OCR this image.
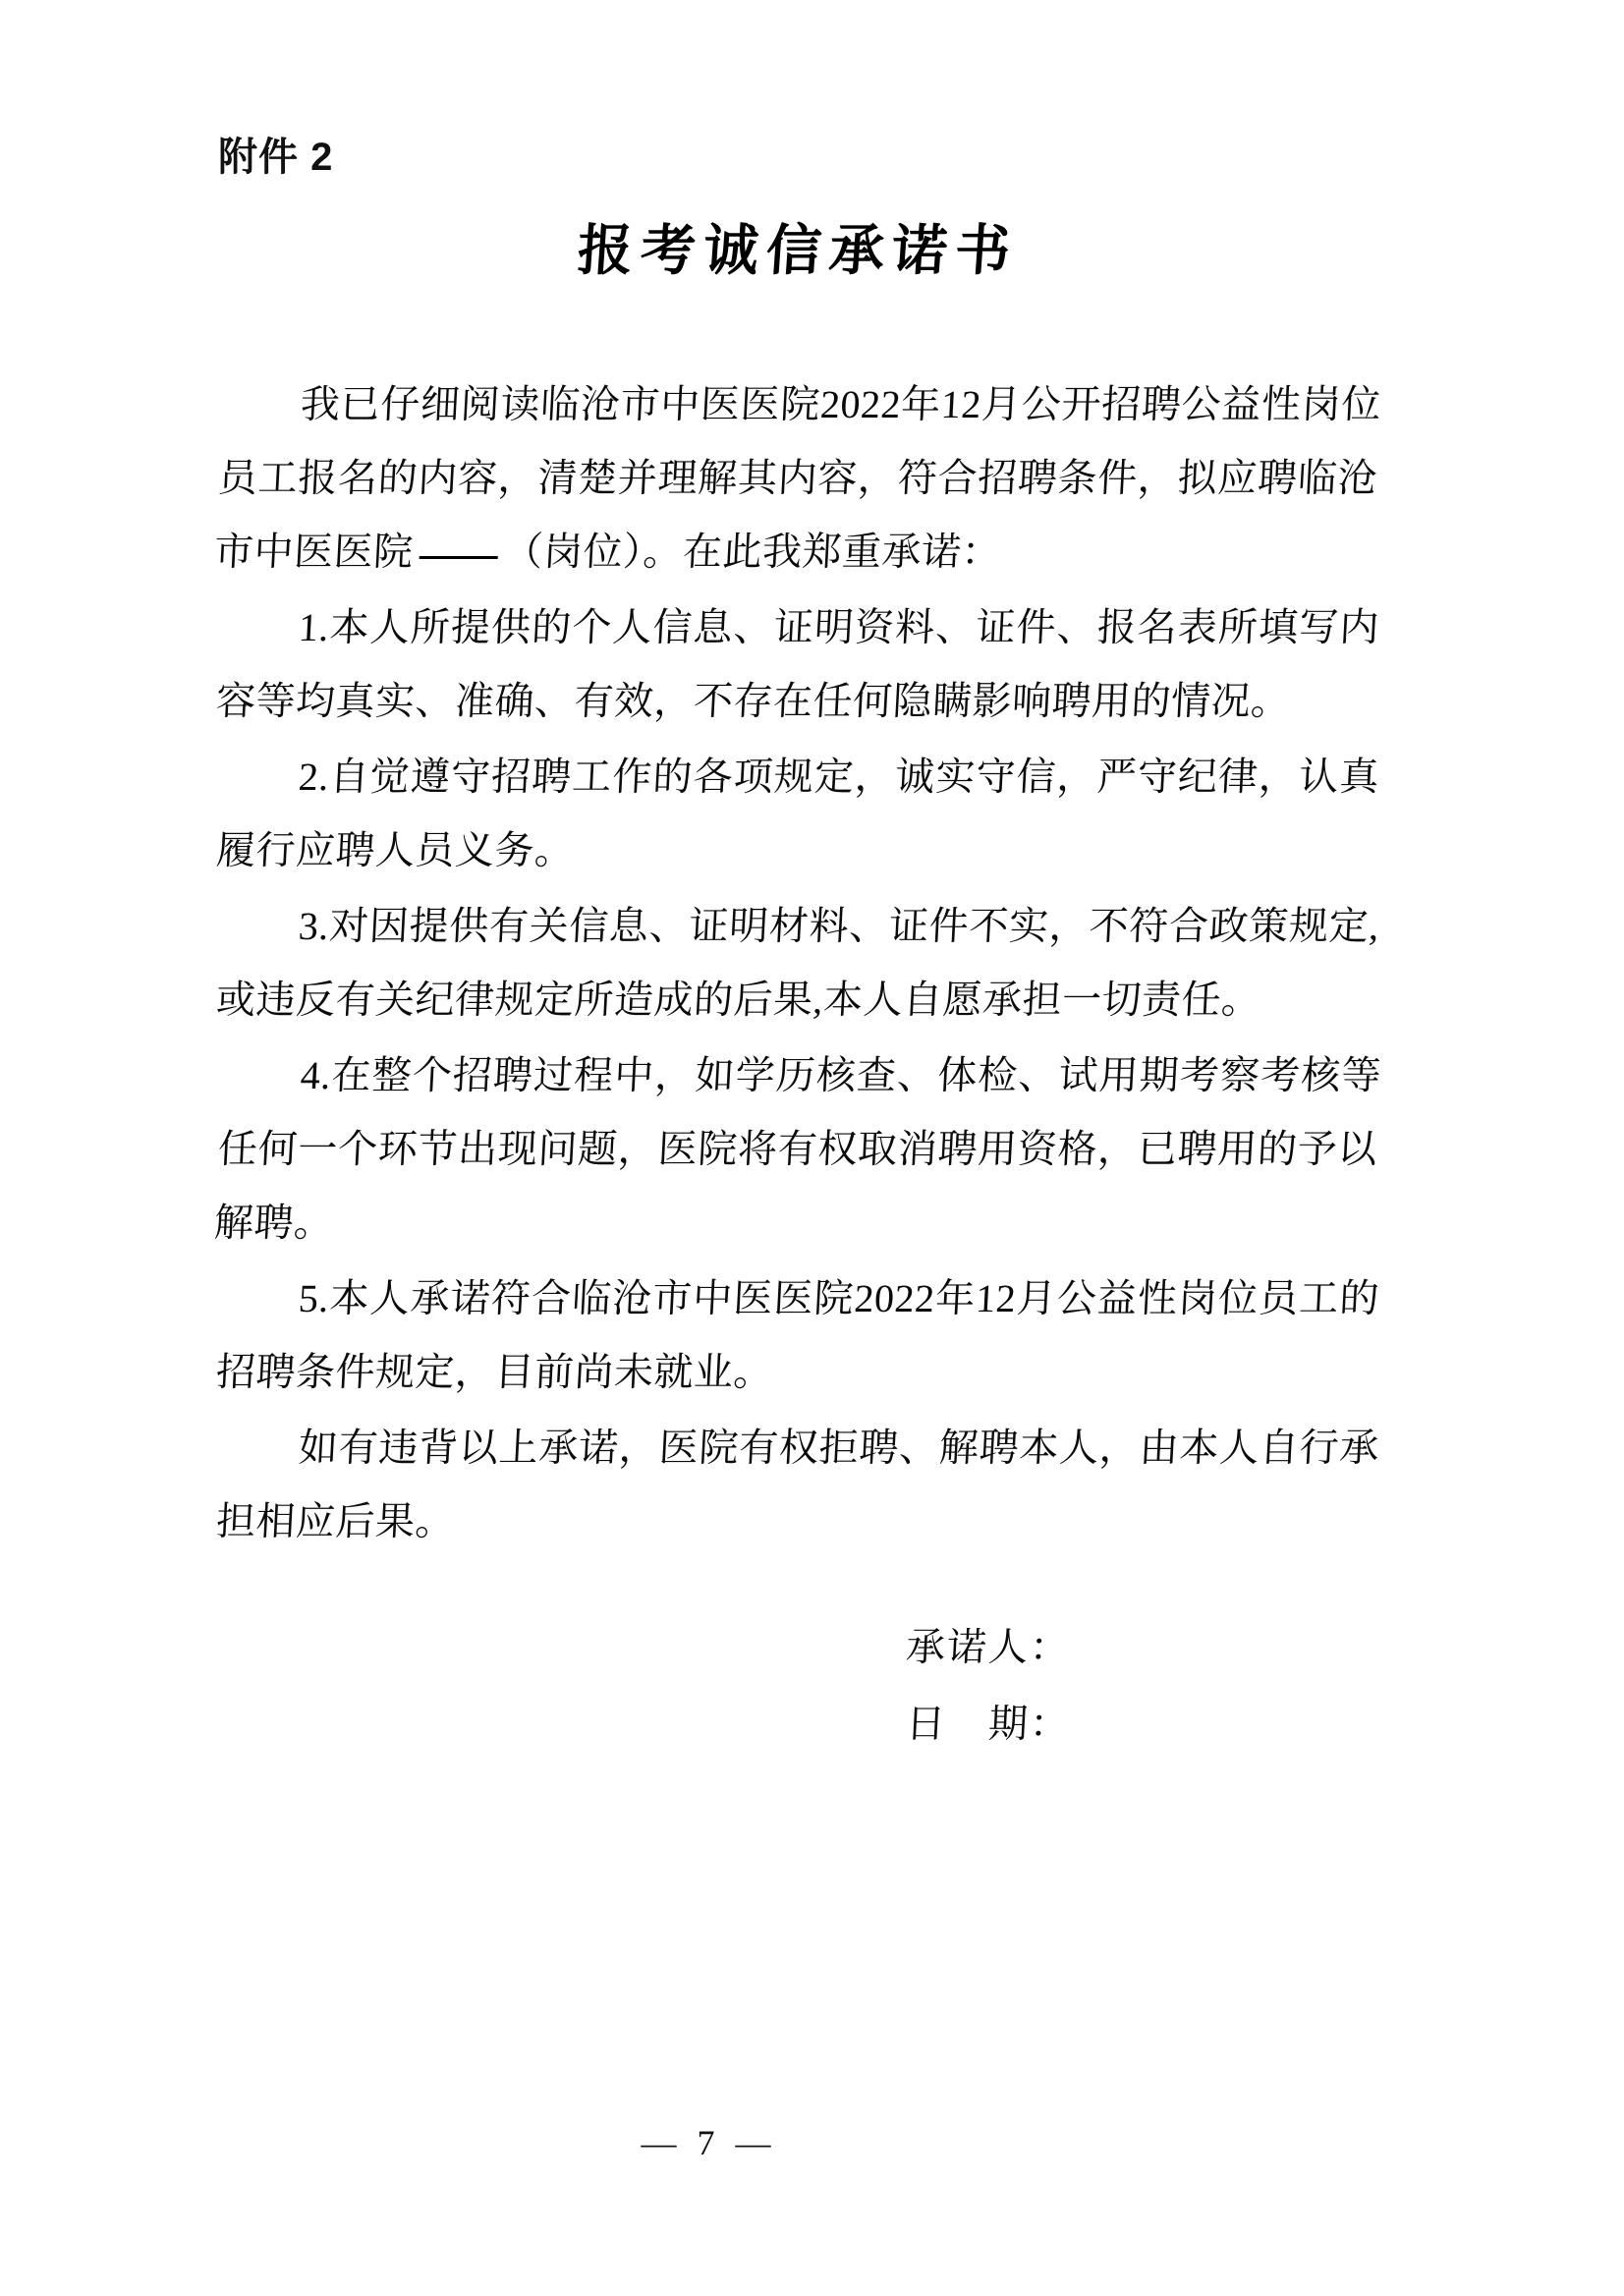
附件 2
报考诚信承诺书

我已仔细阅读临沧市中医医院2022年12月公开招聘公益性岗位员工报名的内容，清楚并理解其内容，符合招聘条件，拟应聘临沧市中医医院 （岗位）。在此我郑重承诺：

1.本人所提供的个人信息、证明资料、证件、报名表所填写内容等均真实、准确、有效，不存在任何隐瞒影响聘用的情况。

2.自觉遵守招聘工作的各项规定，诚实守信，严守纪律，认真履行应聘人员义务。

3.对因提供有关信息、证明材料、证件不实，不符合政策规定,或违反有关纪律规定所造成的后果,本人自愿承担一切责任。

4.在整个招聘过程中，如学历核查、体检、试用期考察考核等任何一个环节出现问题，医院将有权取消聘用资格，已聘用的予以解聘。

5.本人承诺符合临沧市中医医院2022年12月公益性岗位员工的招聘条件规定，目前尚未就业。

如有违背以上承诺，医院有权拒聘、解聘本人，由本人自行承担相应后果。

承诺人：
日　期：
— 7 —
